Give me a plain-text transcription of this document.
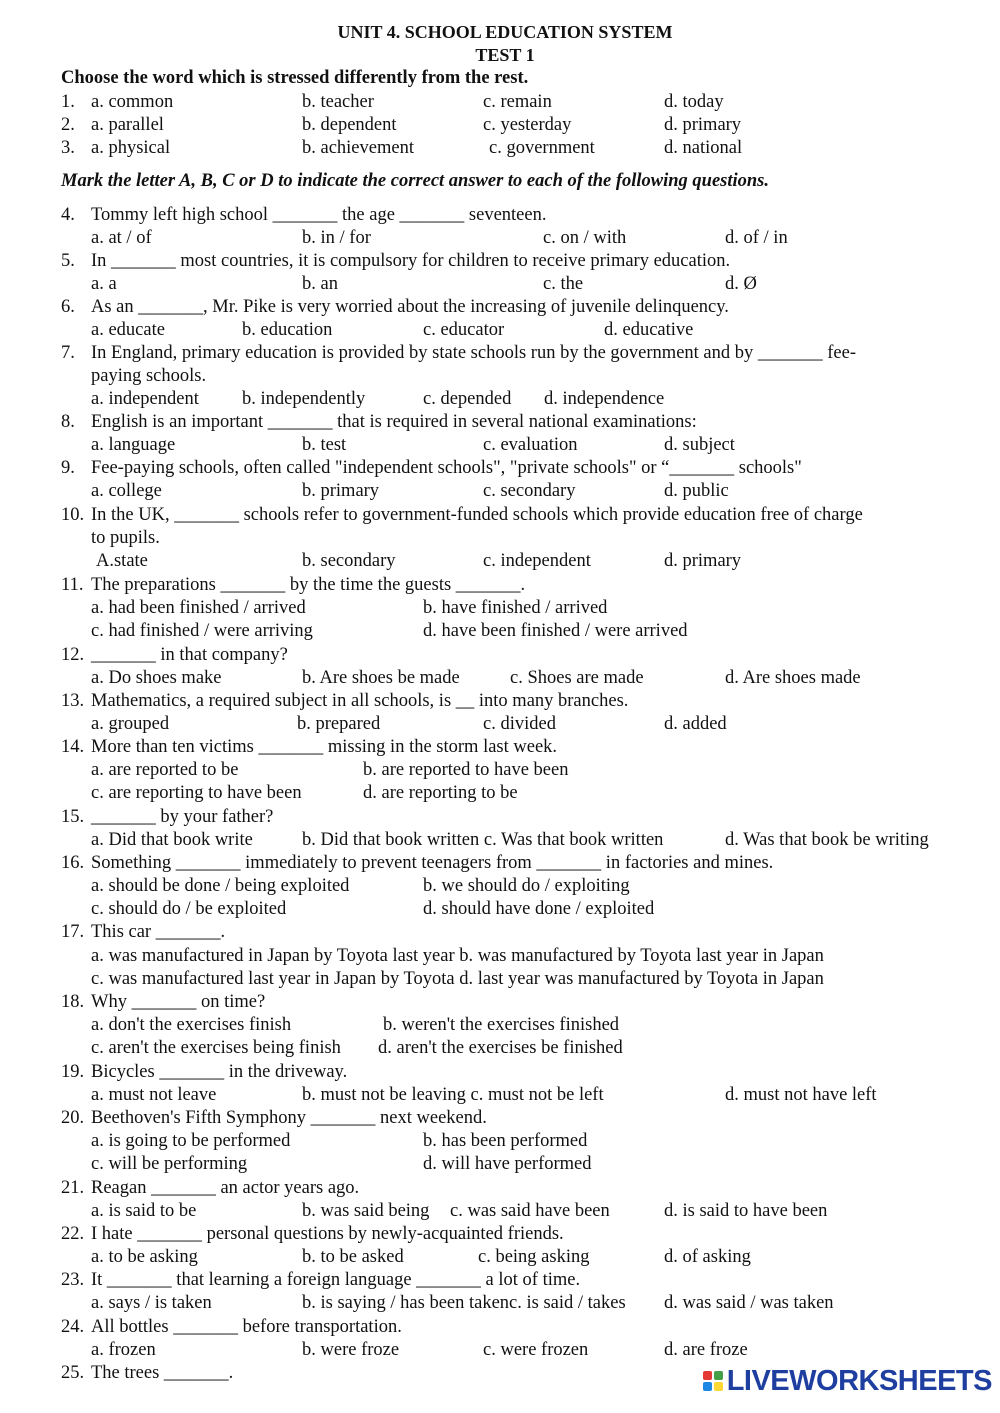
UNIT 4. SCHOOL EDUCATION SYSTEM
TEST 1
Choose the word which is stressed differently from the rest.
1. a. common	b. teacher	c. remain	d. today
2. a. parallel	b. dependent	c. yesterday	d. primary
3. a. physical	b. achievement	c. government	d. national
Mark the letter A, B, C or D to indicate the correct answer to each of the following questions.
4. Tommy left high school _______ the age _______ seventeen.
a. at / of	b. in / for	c. on / with	d. of / in
5. In _______ most countries, it is compulsory for children to receive primary education.
a. a	b. an	c. the	d. Ø
6. As an _______, Mr. Pike is very worried about the increasing of juvenile delinquency.
a. educate	b. education	c. educator	d. educative
7. In England, primary education is provided by state schools run by the government and by _______ fee-
paying schools.
a. independent b. independently	c. depended d. independence
8. English is an important _______ that is required in several national examinations:
a. language	b. test	c. evaluation	d. subject
9. Fee-paying schools, often called "independent schools", "private schools" or “_______ schools"
a. college	b. primary	c. secondary	d. public
10. In the UK, _______ schools refer to government-funded schools which provide education free of charge
to pupils.
A.state	b. secondary	c. independent	d. primary
11. The preparations _______ by the time the guests _______.
a. had been finished / arrived	b. have finished / arrived
c. had finished / were arriving	d. have been finished / were arrived
12. _______ in that company?
a. Do shoes make	b. Are shoes be made	c. Shoes are made	d. Are shoes made
13. Mathematics, a required subject in all schools, is __ into many branches.
a. grouped	b. prepared	c. divided	d. added
14. More than ten victims _______ missing in the storm last week.
a. are reported to be	b. are reported to have been
c. are reporting to have been	d. are reporting to be
15. _______ by your father?
a. Did that book write	b. Did that book written c. Was that book written	d. Was that book be writing
16. Something _______ immediately to prevent teenagers from _______ in factories and mines.
a. should be done / being exploited	b. we should do / exploiting
c. should do / be exploited	d. should have done / exploited
17. This car _______.
a. was manufactured in Japan by Toyota last year b. was manufactured by Toyota last year in Japan
c. was manufactured last year in Japan by Toyota d. last year was manufactured by Toyota in Japan
18. Why _______ on time?
a. don't the exercises finish	b. weren't the exercises finished
c. aren't the exercises being finish d. aren't the exercises be finished
19. Bicycles _______ in the driveway.
a. must not leave	b. must not be leaving c. must not be left	d. must not have left
20. Beethoven's Fifth Symphony _______ next weekend.
a. is going to be performed	b. has been performed
c. will be performing	d. will have performed
21. Reagan _______ an actor years ago.
a. is said to be	b. was said being c. was said have been	d. is said to have been
22. I hate _______ personal questions by newly-acquainted friends.
a. to be asking	b. to be asked	c. being asking	d. of asking
23. It _______ that learning a foreign language _______ a lot of time.
a. says / is taken	b. is saying / has been takenc. is said / takes d. was said / was taken
24. All bottles _______ before transportation.
a. frozen	b. were froze	c. were frozen	d. are froze
25. The trees _______.	LIVEWORKSHEETS
